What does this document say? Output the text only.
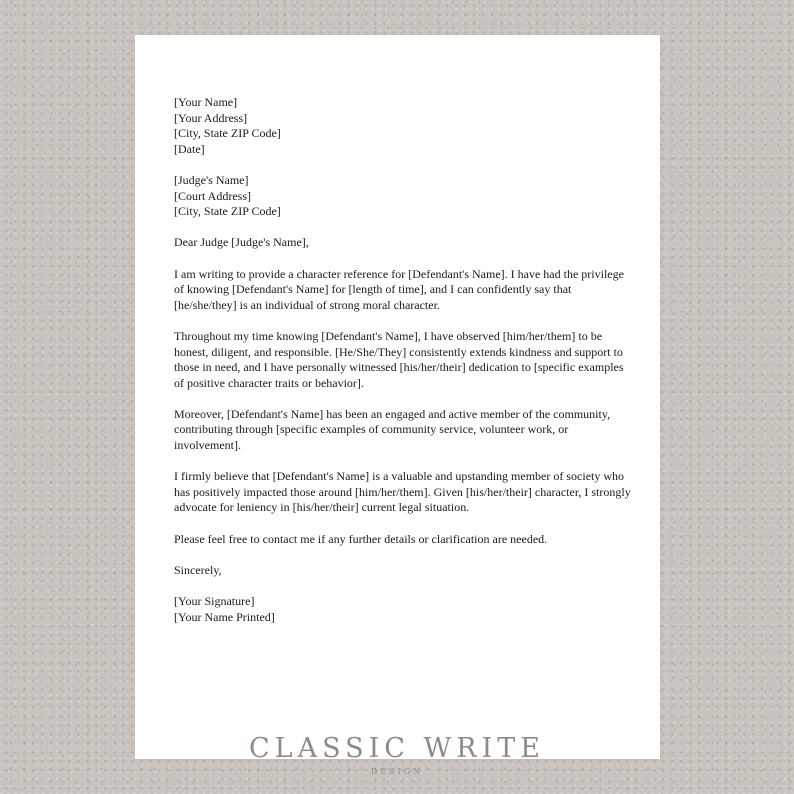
[Your Name]
[Your Address]
[City, State ZIP Code]
[Date]
[Judge's Name]
[Court Address]
[City, State ZIP Code]

Dear Judge [Judge's Name],

I am writing to provide a character reference for [Defendant's Name]. I have had the privilege of knowing [Defendant's Name] for [length of time], and I can confidently say that [he/she/they] is an individual of strong moral character.

Throughout my time knowing [Defendant's Name], I have observed [him/her/them] to be honest, diligent, and responsible. [He/She/They] consistently extends kindness and support to those in need, and I have personally witnessed [his/her/their] dedication to [specific examples of positive character traits or behavior].

Moreover, [Defendant's Name] has been an engaged and active member of the community, contributing through [specific examples of community service, volunteer work, or involvement].

I firmly believe that [Defendant's Name] is a valuable and upstanding member of society who has positively impacted those around [him/her/them]. Given [his/her/their] character, I strongly advocate for leniency in [his/her/their] current legal situation.

Please feel free to contact me if any further details or clarification are needed.

Sincerely,

[Your Signature]
[Your Name Printed]
CLASSIC WRITE
DESIGN
